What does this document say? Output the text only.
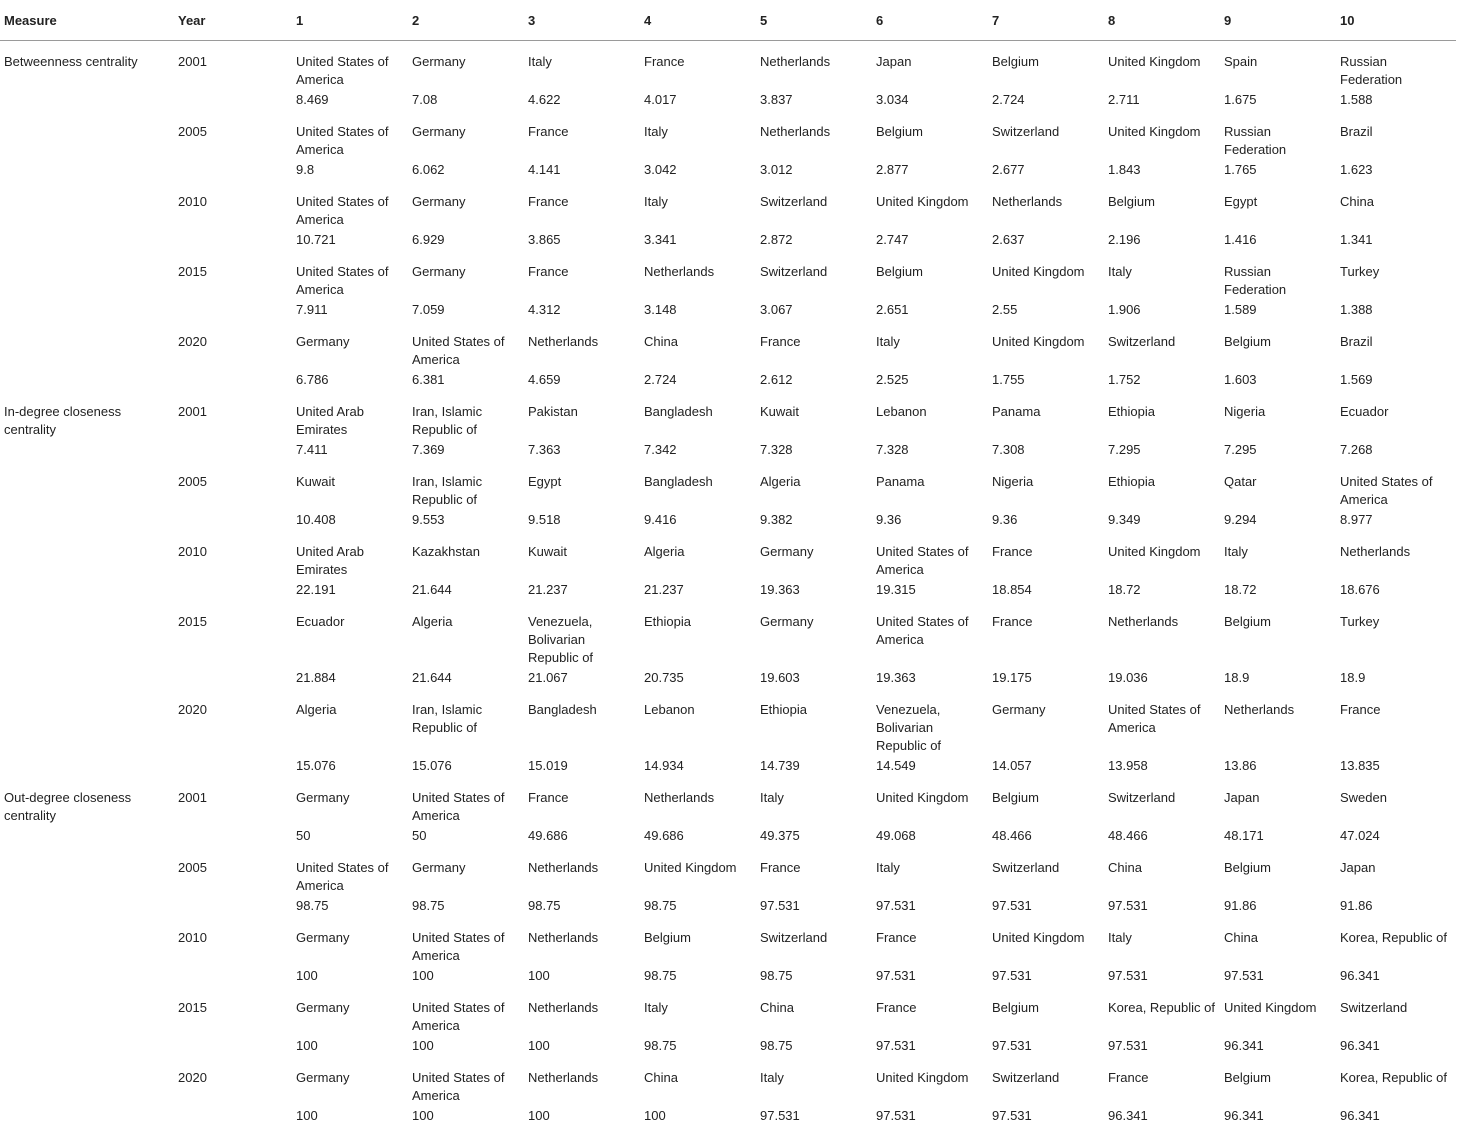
Measure	Year	1	2	3	4	5	6	7	8	9	10
Betweenness centrality	2001	United States of America	Germany	Italy	France	Netherlands	Japan	Belgium	United Kingdom	Spain	Russian Federation
		8.469	7.08	4.622	4.017	3.837	3.034	2.724	2.711	1.675	1.588
	2005	United States of America	Germany	France	Italy	Netherlands	Belgium	Switzerland	United Kingdom	Russian Federation	Brazil
		9.8	6.062	4.141	3.042	3.012	2.877	2.677	1.843	1.765	1.623
	2010	United States of America	Germany	France	Italy	Switzerland	United Kingdom	Netherlands	Belgium	Egypt	China
		10.721	6.929	3.865	3.341	2.872	2.747	2.637	2.196	1.416	1.341
	2015	United States of America	Germany	France	Netherlands	Switzerland	Belgium	United Kingdom	Italy	Russian Federation	Turkey
		7.911	7.059	4.312	3.148	3.067	2.651	2.55	1.906	1.589	1.388
	2020	Germany	United States of America	Netherlands	China	France	Italy	United Kingdom	Switzerland	Belgium	Brazil
		6.786	6.381	4.659	2.724	2.612	2.525	1.755	1.752	1.603	1.569
In-degree closeness centrality	2001	United Arab Emirates	Iran, Islamic Republic of	Pakistan	Bangladesh	Kuwait	Lebanon	Panama	Ethiopia	Nigeria	Ecuador
		7.411	7.369	7.363	7.342	7.328	7.328	7.308	7.295	7.295	7.268
	2005	Kuwait	Iran, Islamic Republic of	Egypt	Bangladesh	Algeria	Panama	Nigeria	Ethiopia	Qatar	United States of America
		10.408	9.553	9.518	9.416	9.382	9.36	9.36	9.349	9.294	8.977
	2010	United Arab Emirates	Kazakhstan	Kuwait	Algeria	Germany	United States of America	France	United Kingdom	Italy	Netherlands
		22.191	21.644	21.237	21.237	19.363	19.315	18.854	18.72	18.72	18.676
	2015	Ecuador	Algeria	Venezuela, Bolivarian Republic of	Ethiopia	Germany	United States of America	France	Netherlands	Belgium	Turkey
		21.884	21.644	21.067	20.735	19.603	19.363	19.175	19.036	18.9	18.9
	2020	Algeria	Iran, Islamic Republic of	Bangladesh	Lebanon	Ethiopia	Venezuela, Bolivarian Republic of	Germany	United States of America	Netherlands	France
		15.076	15.076	15.019	14.934	14.739	14.549	14.057	13.958	13.86	13.835
Out-degree closeness centrality	2001	Germany	United States of America	France	Netherlands	Italy	United Kingdom	Belgium	Switzerland	Japan	Sweden
		50	50	49.686	49.686	49.375	49.068	48.466	48.466	48.171	47.024
	2005	United States of America	Germany	Netherlands	United Kingdom	France	Italy	Switzerland	China	Belgium	Japan
		98.75	98.75	98.75	98.75	97.531	97.531	97.531	97.531	91.86	91.86
	2010	Germany	United States of America	Netherlands	Belgium	Switzerland	France	United Kingdom	Italy	China	Korea, Republic of
		100	100	100	98.75	98.75	97.531	97.531	97.531	97.531	96.341
	2015	Germany	United States of America	Netherlands	Italy	China	France	Belgium	Korea, Republic of	United Kingdom	Switzerland
		100	100	100	98.75	98.75	97.531	97.531	97.531	96.341	96.341
	2020	Germany	United States of America	Netherlands	China	Italy	United Kingdom	Switzerland	France	Belgium	Korea, Republic of
		100	100	100	100	97.531	97.531	97.531	96.341	96.341	96.341
